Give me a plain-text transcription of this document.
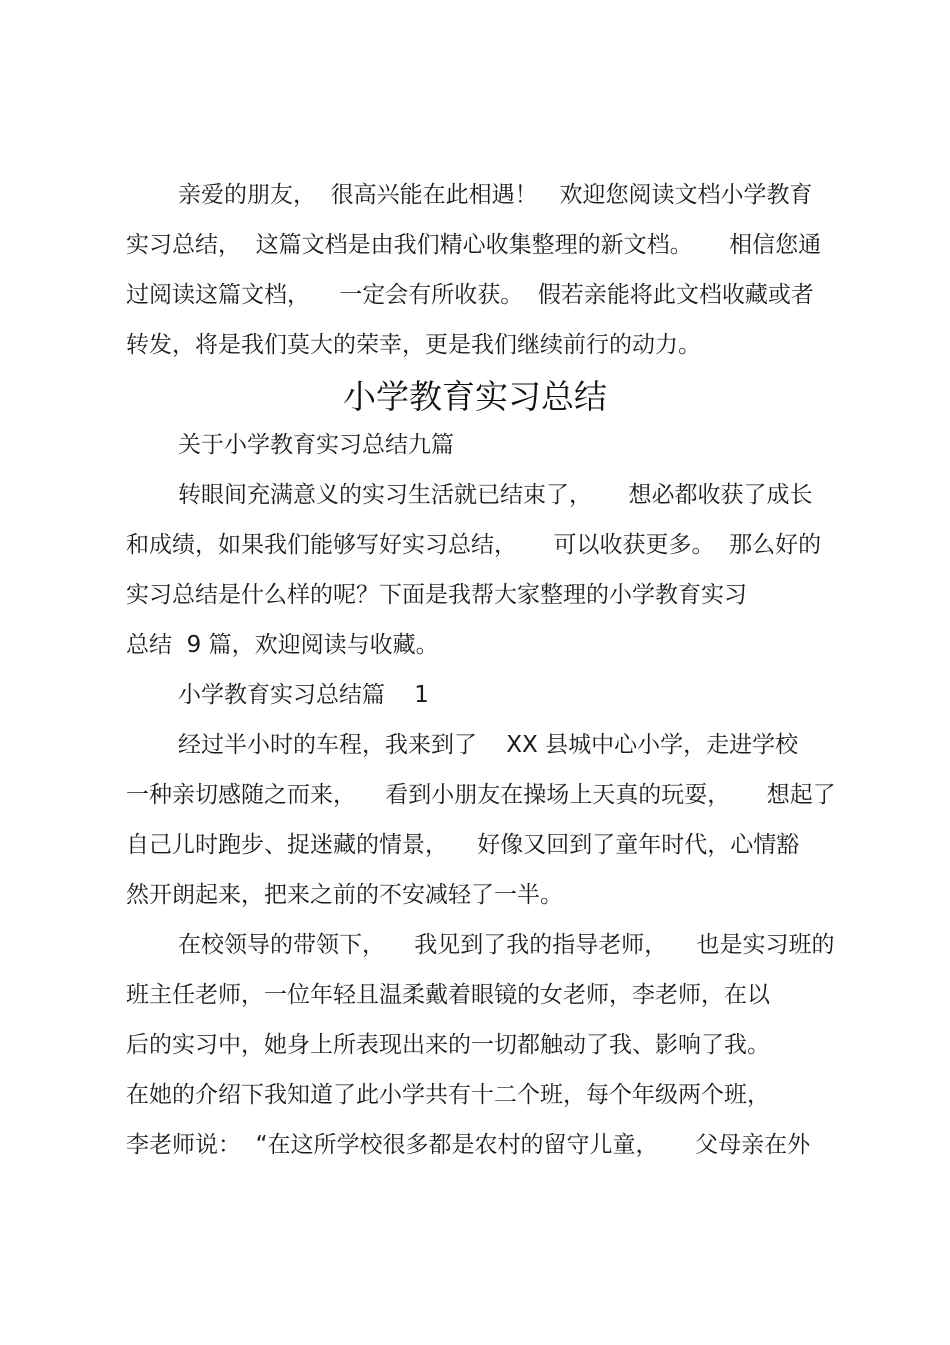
亲爱的朋友，  很高兴能在此相遇！   欢迎您阅读文档小学教育
实习总结，  这篇文档是由我们精心收集整理的新文档。     相信您通
过阅读这篇文档，    一定会有所收获。  假若亲能将此文档收藏或者
转发，将是我们莫大的荣幸，更是我们继续前行的动力。
小学教育实习总结
关于小学教育实习总结九篇
转眼间充满意义的实习生活就已结束了，     想必都收获了成长
和成绩，如果我们能够写好实习总结，     可以收获更多。  那么好的
实习总结是什么样的呢？下面是我帮大家整理的小学教育实习
总结  9 篇，欢迎阅读与收藏。
小学教育实习总结篇    1
经过半小时的车程，我来到了    XX 县城中心小学，走进学校
一种亲切感随之而来，    看到小朋友在操场上天真的玩耍，     想起了
自己儿时跑步、捉迷藏的情景，    好像又回到了童年时代，心情豁
然开朗起来，把来之前的不安减轻了一半。
在校领导的带领下，    我见到了我的指导老师，    也是实习班的
班主任老师，一位年轻且温柔戴着眼镜的女老师，李老师，在以
后的实习中，她身上所表现出来的一切都触动了我、影响了我。
在她的介绍下我知道了此小学共有十二个班，每个年级两个班，
李老师说：  “在这所学校很多都是农村的留守儿童，     父母亲在外
